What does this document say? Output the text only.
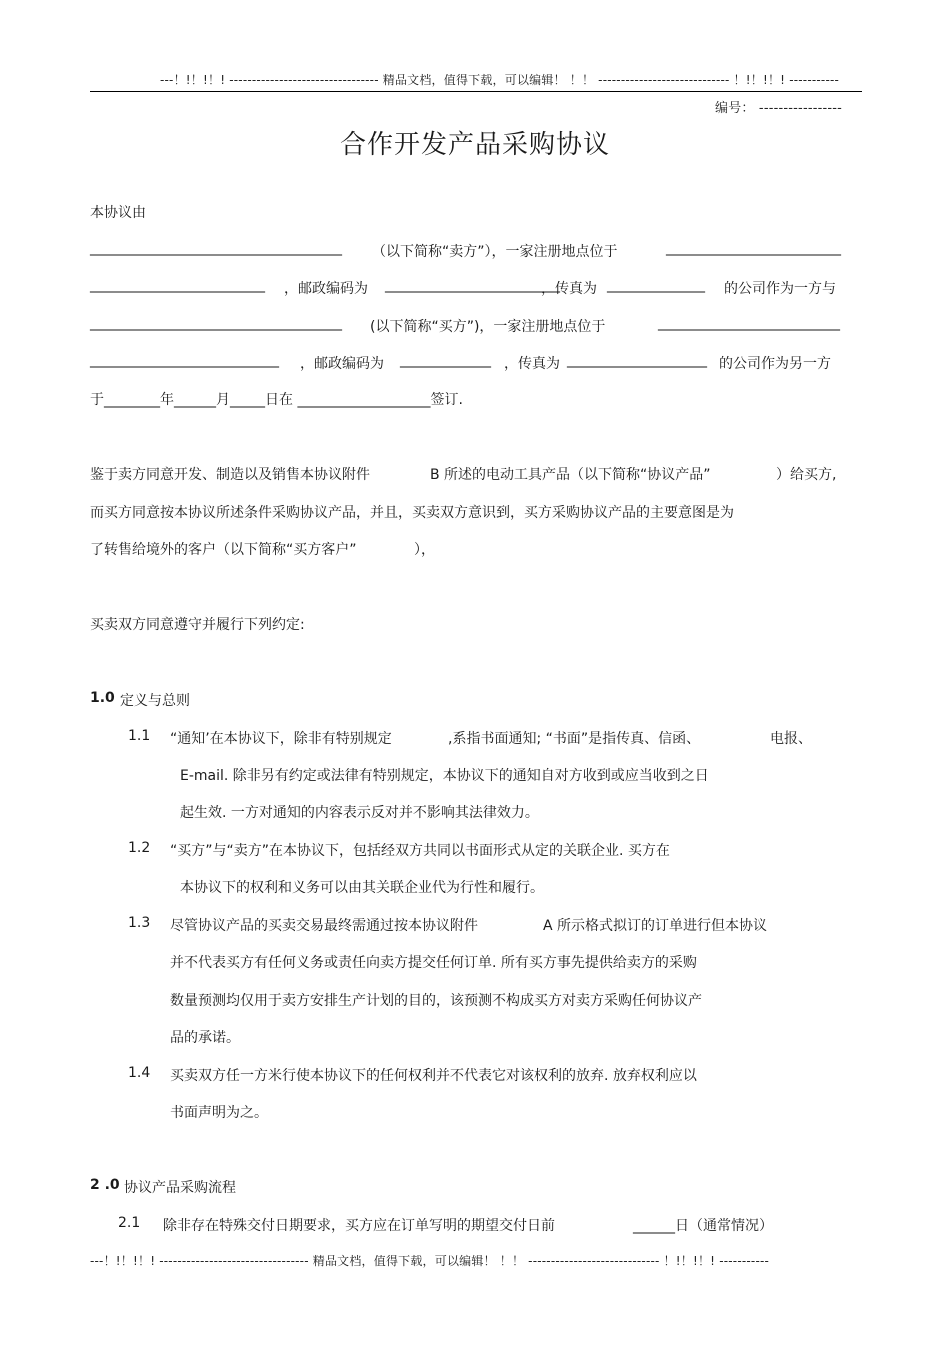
---！!！!！! --------------------------------- 精品文档，值得下载，可以编辑！ ！！ ----------------------------- ！!！!！! -----------
编号： -----------------
合作开发产品采购协议
本协议由
____________________________________ （以下简称“卖方”），一家注册地点位于	_________________________
_________________________ ，邮政编码为 _________________________
，传真为 ______________ 的公司作为一方与
____________________________________ (以下简称“买方”)，一家注册地点位于	__________________________
___________________________ ，邮政编码为 _____________ ，传真为 ____________________ 的公司作为另一方
于________年______月_____日在 ___________________签订.
鉴于卖方同意开发、制造以及销售本协议附件	B 所述的电动工具产品（以下简称“协议产品”	）给买方,
而买方同意按本协议所述条件采购协议产品，并且，买卖双方意识到，买方采购协议产品的主要意图是为
了转售给境外的客户（以下简称“买方客户”	），
买卖双方同意遵守并履行下列约定:
1.0 定义与总则
1.1 “通知’在本协议下，除非有特别规定	,系指书面通知; “书面”是指传真、信函、	电报、
E-mail. 除非另有约定或法律有特别规定，本协议下的通知自对方收到或应当收到之日
起生效. 一方对通知的内容表示反对并不影响其法律效力。
1.2 “买方”与“卖方”在本协议下，包括经双方共同以书面形式从定的关联企业. 买方在
本协议下的权利和义务可以由其关联企业代为行性和履行。
1.3 尽管协议产品的买卖交易最终需通过按本协议附件	A 所示格式拟订的订单进行但本协议
并不代表买方有任何义务或责任向卖方提交任何订单. 所有买方事先提供给卖方的采购
数量预测均仅用于卖方安排生产计划的目的，该预测不构成买方对卖方采购任何协议产
品的承诺。
1.4 买卖双方任一方米行使本协议下的任何权利并不代表它对该权利的放弃. 放弃权利应以
书面声明为之。
2 .0 协议产品采购流程
2.1 除非存在特殊交付日期要求，买方应在订单写明的期望交付日前	______日（通常情况）
---！!！!！! --------------------------------- 精品文档，值得下载，可以编辑！ ！！ ----------------------------- ！!！!！! -----------
